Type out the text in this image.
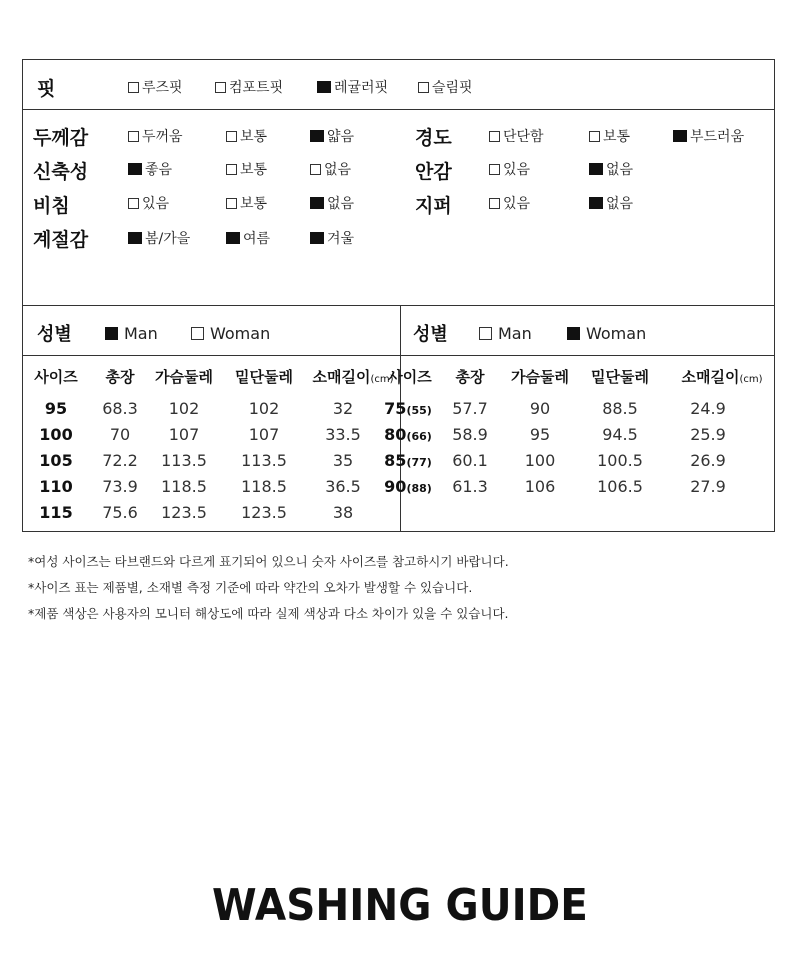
핏	루즈핏	컴포트핏	레귤러핏	슬림핏
두께감	두꺼움	보통	얇음
신축성	좋음	보통	없음
비침	있음	보통	없음
계절감	봄/가을	여름	겨울
경도	단단함	보통	부드러움
안감	있음	없음
지퍼	있음	없음
성별	Man	Woman	성별	Man	Woman
사이즈	총장	가슴둘레	밑단둘레	소매길이(cm)
95	68.3	102	102	32
100	70	107	107	33.5
105	72.2	113.5	113.5	35
110	73.9	118.5	118.5	36.5
115	75.6	123.5	123.5	38
사이즈	총장	가슴둘레	밑단둘레	소매길이(cm)
75(55)	57.7	90	88.5	24.9
80(66)	58.9	95	94.5	25.9
85(77)	60.1	100	100.5	26.9
90(88)	61.3	106	106.5	27.9
*여성 사이즈는 타브랜드와 다르게 표기되어 있으니 숫자 사이즈를 참고하시기 바랍니다.
*사이즈 표는 제품별, 소재별 측정 기준에 따라 약간의 오차가 발생할 수 있습니다.
*제품 색상은 사용자의 모니터 해상도에 따라 실제 색상과 다소 차이가 있을 수 있습니다.
WASHING GUIDE
